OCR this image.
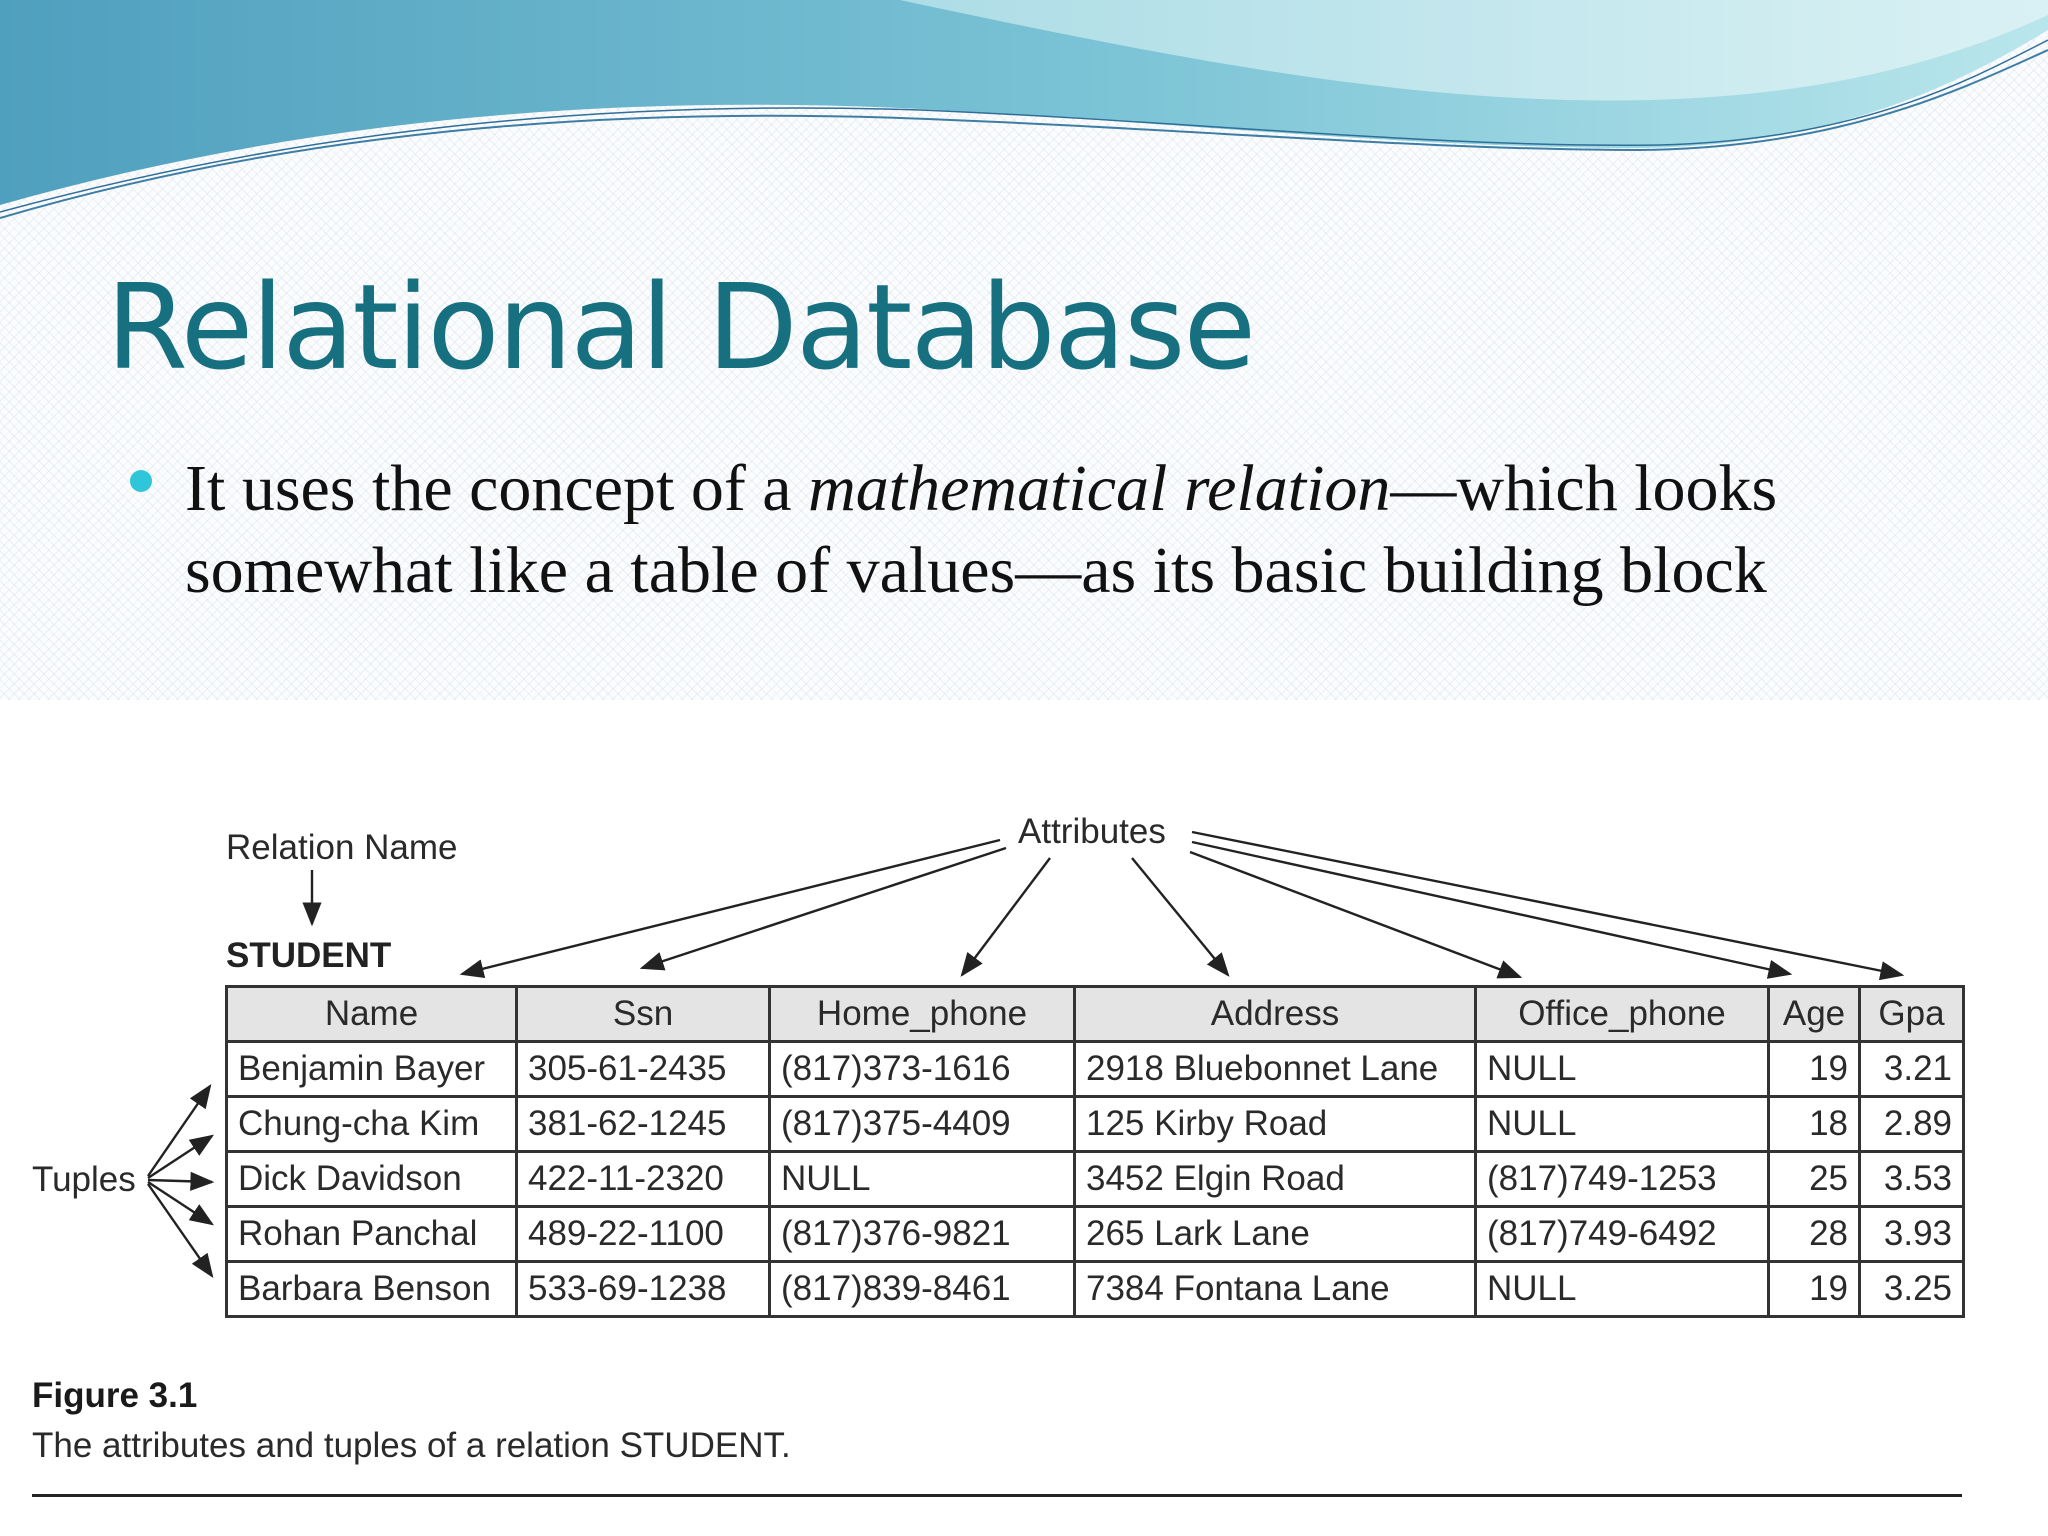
Relational Database

It uses the concept of a mathematical relation—which looks somewhat like a table of values—as its basic building block

Relation Name	Attributes
STUDENT
Tuples
Name	Ssn	Home_phone	Address	Office_phone	Age	Gpa
Benjamin Bayer	305-61-2435	(817)373-1616	2918 Bluebonnet Lane	NULL	19	3.21
Chung-cha Kim	381-62-1245	(817)375-4409	125 Kirby Road	NULL	18	2.89
Dick Davidson	422-11-2320	NULL	3452 Elgin Road	(817)749-1253	25	3.53
Rohan Panchal	489-22-1100	(817)376-9821	265 Lark Lane	(817)749-6492	28	3.93
Barbara Benson	533-69-1238	(817)839-8461	7384 Fontana Lane	NULL	19	3.25
Figure 3.1
The attributes and tuples of a relation STUDENT.
